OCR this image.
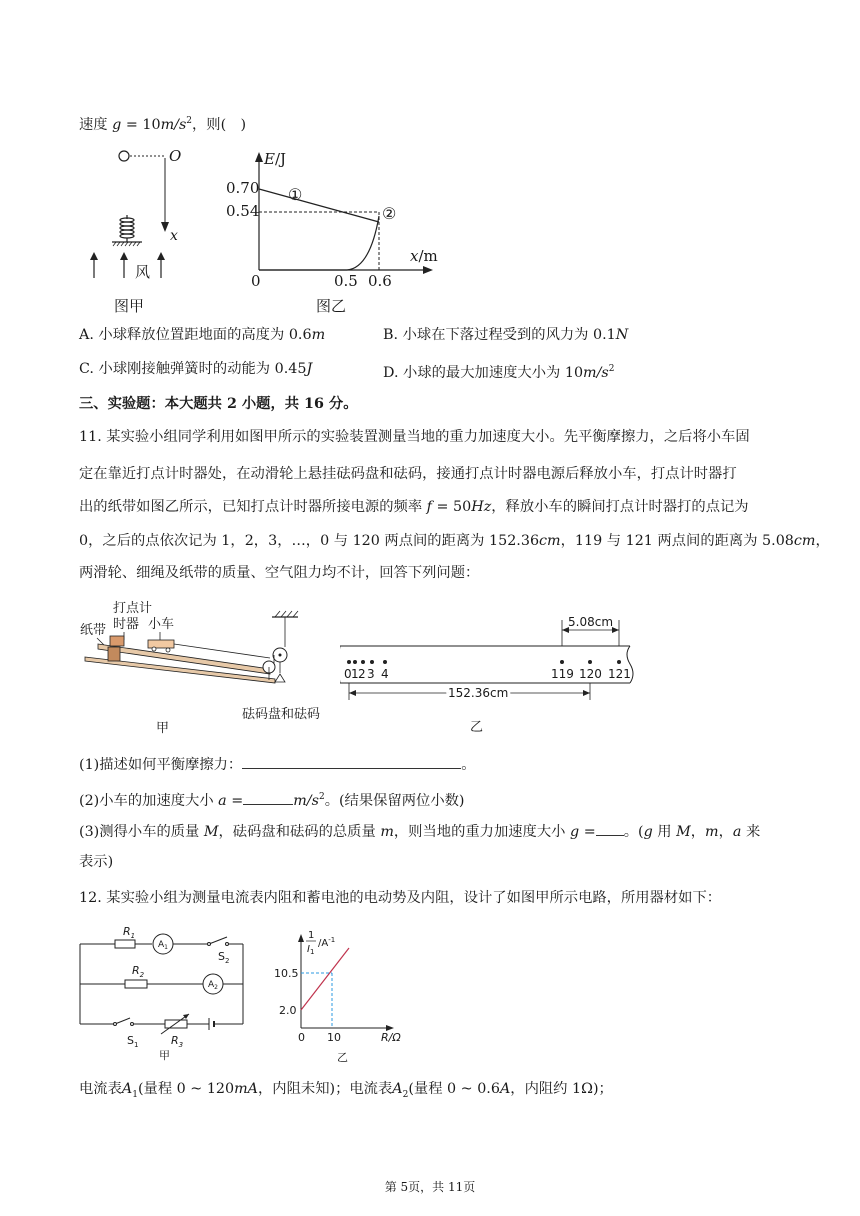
速度 $g = 10m/s^2$，则(　)
O
x
风
图甲
E/J
x/m
0.70
0.54
0	0.5 0.6
①
②
图乙
A. 小球释放位置距地面的高度为 0.6m	B. 小球在下落过程受到的风力为 0.1N
C. 小球刚接触弹簧时的动能为 0.45J	D. 小球的最大加速度大小为 $10m/s^2$
三、实验题：本大题共 2 小题，共 16 分。
11. 某实验小组同学利用如图甲所示的实验装置测量当地的重力加速度大小。先平衡摩擦力，之后将小车固
定在靠近打点计时器处，在动滑轮上悬挂砝码盘和砝码，接通打点计时器电源后释放小车，打点计时器打
出的纸带如图乙所示，已知打点计时器所接电源的频率 f = 50Hz，释放小车的瞬间打点计时器打的点记为
0，之后的点依次记为 1，2，3，…，0 与 120 两点间的距离为 152.36cm，119 与 121 两点间的距离为 5.08cm，
两滑轮、细绳及纸带的质量、空气阻力均不计，回答下列问题：
打点计
时器 小车
纸带
砝码盘和砝码
甲
0 1 2 3 4	119 120 121
5.08cm
152.36cm
乙
(1)描述如何平衡摩擦力：	。
(2)小车的加速度大小 a =	$m/s^2$。(结果保留两位小数)
(3)测得小车的质量 M，砝码盘和砝码的总质量 m，则当地的重力加速度大小 g = 。(g 用 M，m，a 来
表示)
12. 某实验小组为测量电流表内阻和蓄电池的电动势及内阻，设计了如图甲所示电路，所用器材如下：
$R_1$
$A_1$
$S_2$
$R_2$
$A_2$
$S_1$	$R_3$
甲
1
$I_1$
$/A^{-1}$
10.5
2.0
0 10	R/Ω
乙
电流表$A_1$(量程 0 ~ 120mA，内阻未知)；电流表$A_2$(量程 0 ~ 0.6A，内阻约 1Ω)；
第 5页，共 11页
